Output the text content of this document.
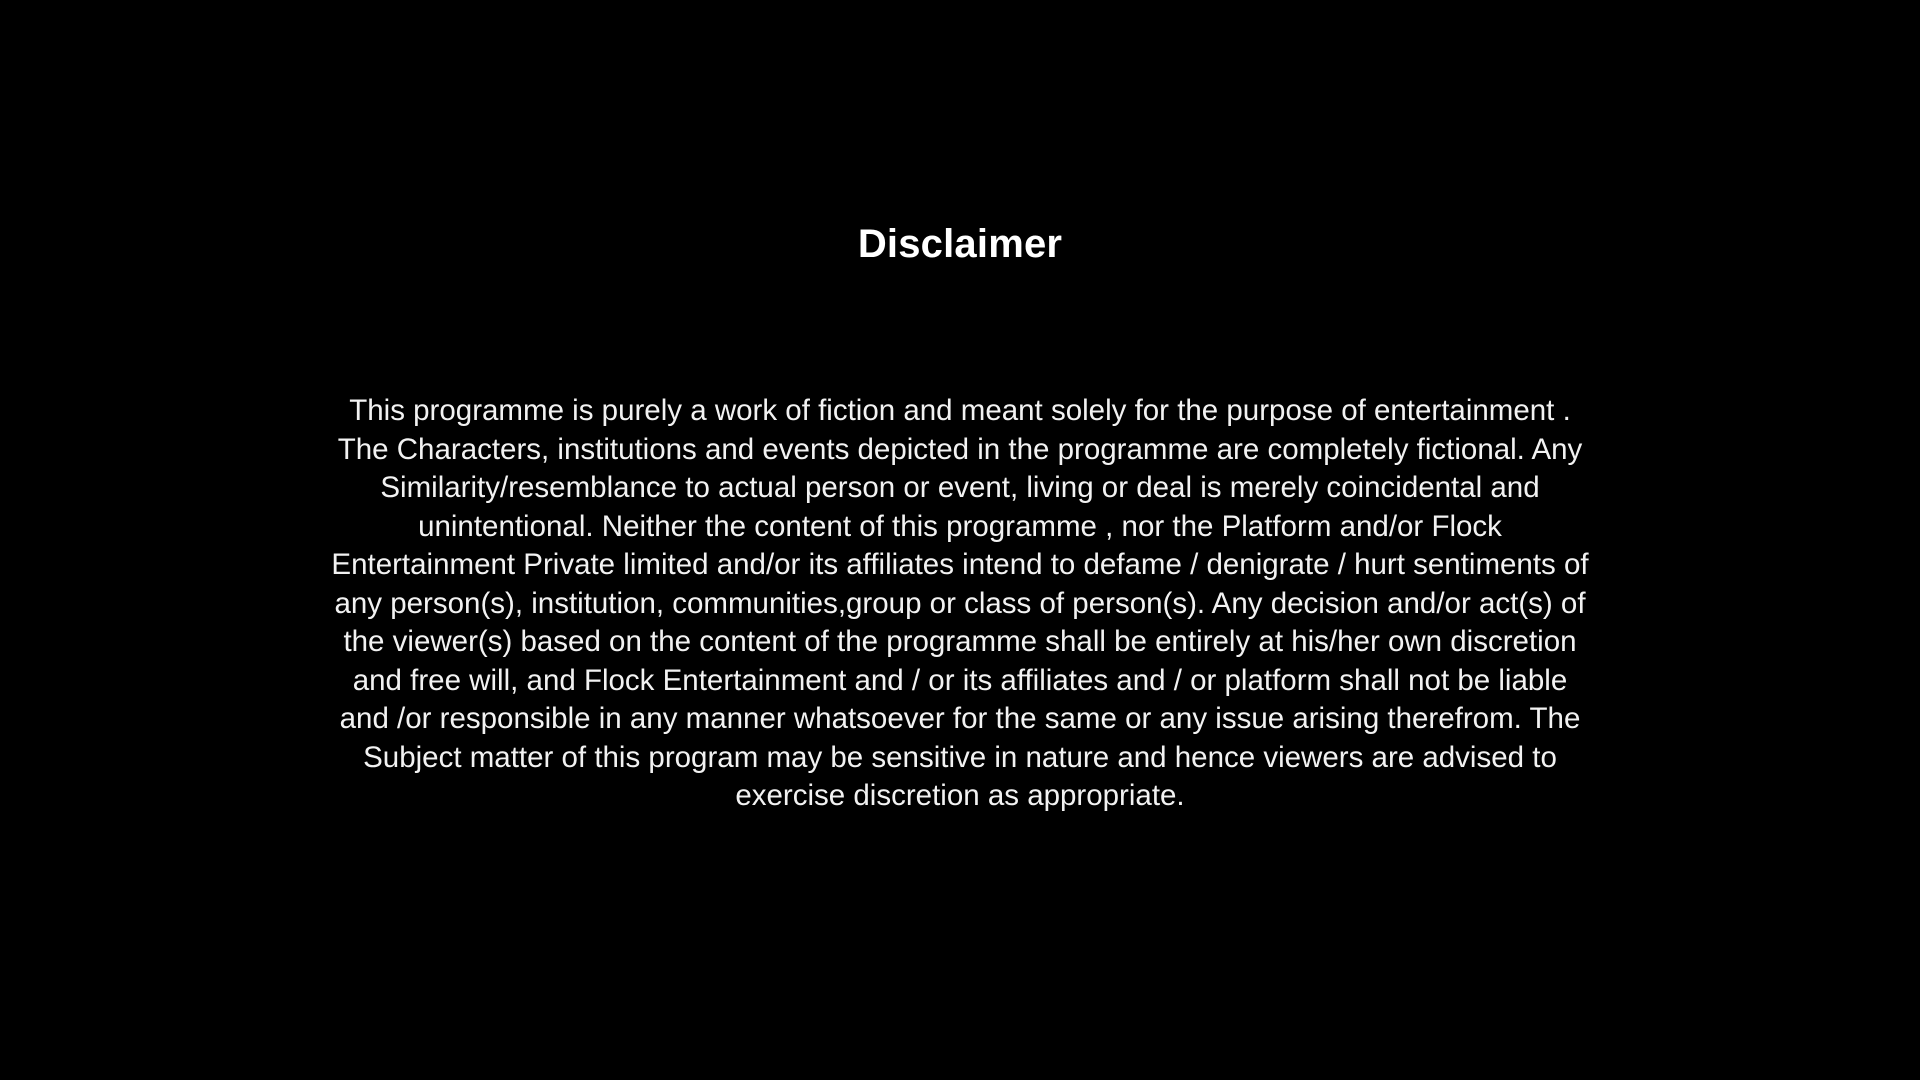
Disclaimer
This programme is purely a work of fiction and meant solely for the purpose of entertainment . The Characters, institutions and events depicted in the programme are completely fictional. Any Similarity/resemblance to actual person or event, living or deal is merely coincidental and unintentional. Neither the content of this programme , nor the Platform and/or Flock Entertainment Private limited and/or its affiliates intend to defame / denigrate / hurt sentiments of any person(s), institution, communities,group or class of person(s). Any decision and/or act(s) of the viewer(s) based on the content of the programme shall be entirely at his/her own discretion and free will, and Flock Entertainment and / or its affiliates and / or platform shall not be liable and /or responsible in any manner whatsoever for the same or any issue arising therefrom. The Subject matter of this program may be sensitive in nature and hence viewers are advised to exercise discretion as appropriate.
